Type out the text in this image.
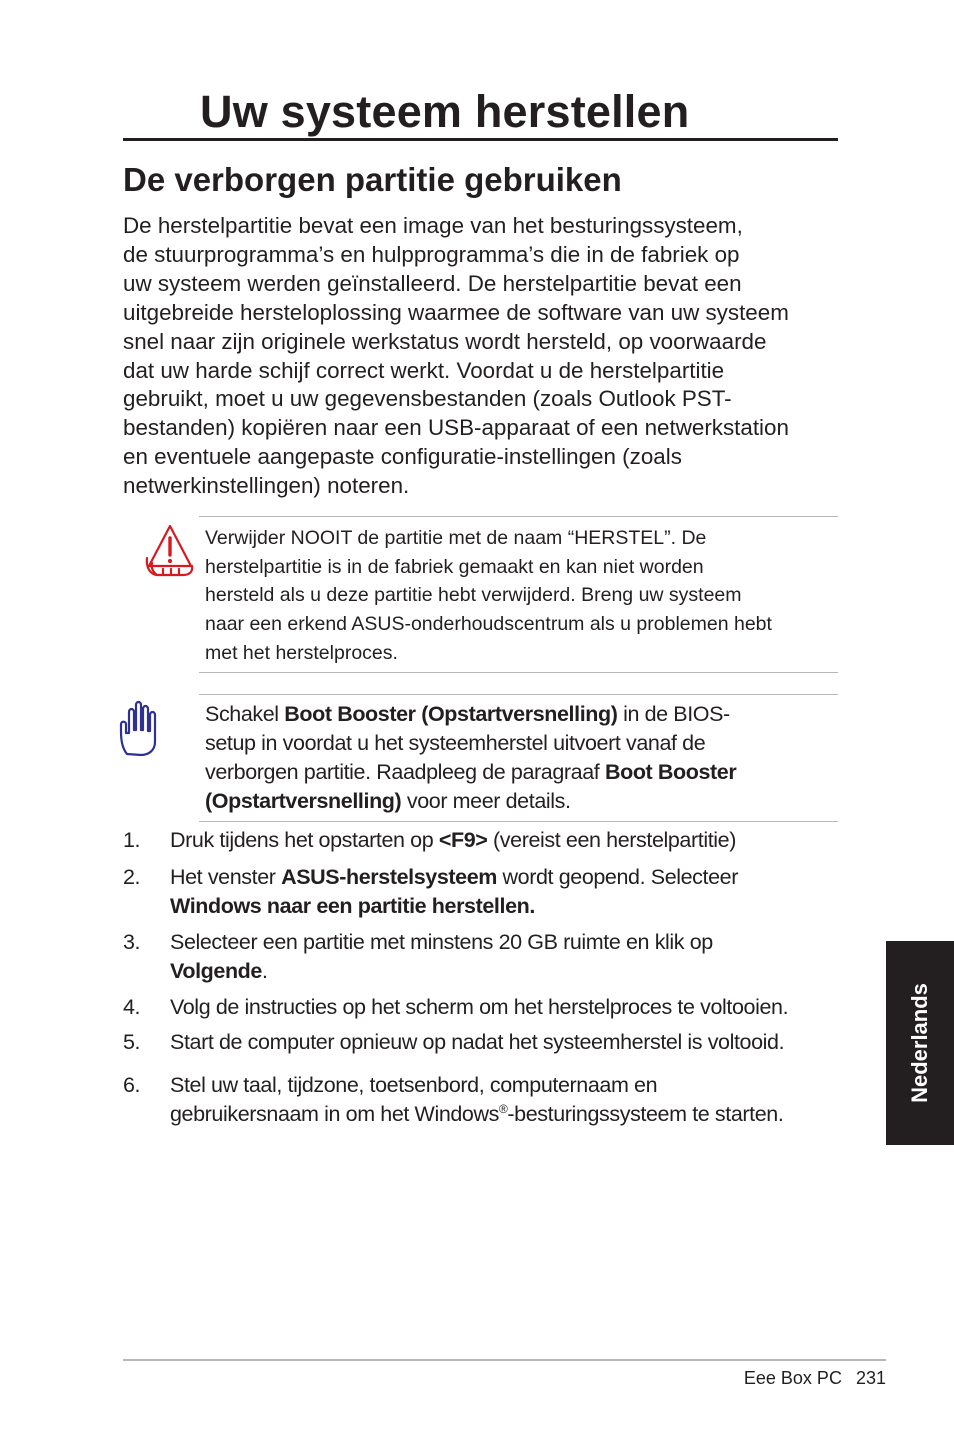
Uw systeem herstellen
De verborgen partitie gebruiken

De herstelpartitie bevat een image van het besturingssysteem,
de stuurprogramma’s en hulpprogramma’s die in de fabriek op
uw systeem werden geïnstalleerd. De herstelpartitie bevat een
uitgebreide hersteloplossing waarmee de software van uw systeem
snel naar zijn originele werkstatus wordt hersteld, op voorwaarde
dat uw harde schijf correct werkt. Voordat u de herstelpartitie
gebruikt, moet u uw gegevensbestanden (zoals Outlook PST-
bestanden) kopiëren naar een USB-apparaat of een netwerkstation
en eventuele aangepaste configuratie-instellingen (zoals
netwerkinstellingen) noteren.

Verwijder NOOIT de partitie met de naam “HERSTEL”. De
herstelpartitie is in de fabriek gemaakt en kan niet worden
hersteld als u deze partitie hebt verwijderd. Breng uw systeem
naar een erkend ASUS-onderhoudscentrum als u problemen hebt
met het herstelproces.

Schakel Boot Booster (Opstartversnelling) in de BIOS-
setup in voordat u het systeemherstel uitvoert vanaf de
verborgen partitie. Raadpleeg de paragraaf Boot Booster
(Opstartversnelling) voor meer details.

1. Druk tijdens het opstarten op <F9> (vereist een herstelpartitie)
2. Het venster ASUS-herstelsysteem wordt geopend. Selecteer
Windows naar een partitie herstellen.
3. Selecteer een partitie met minstens 20 GB ruimte en klik op
Volgende.
4. Volg de instructies op het scherm om het herstelproces te voltooien.
5. Start de computer opnieuw op nadat het systeemherstel is voltooid.
6. Stel uw taal, tijdzone, toetsenbord, computernaam en
gebruikersnaam in om het Windows®-besturingssysteem te starten.
Nederlands
Eee Box PC 231
